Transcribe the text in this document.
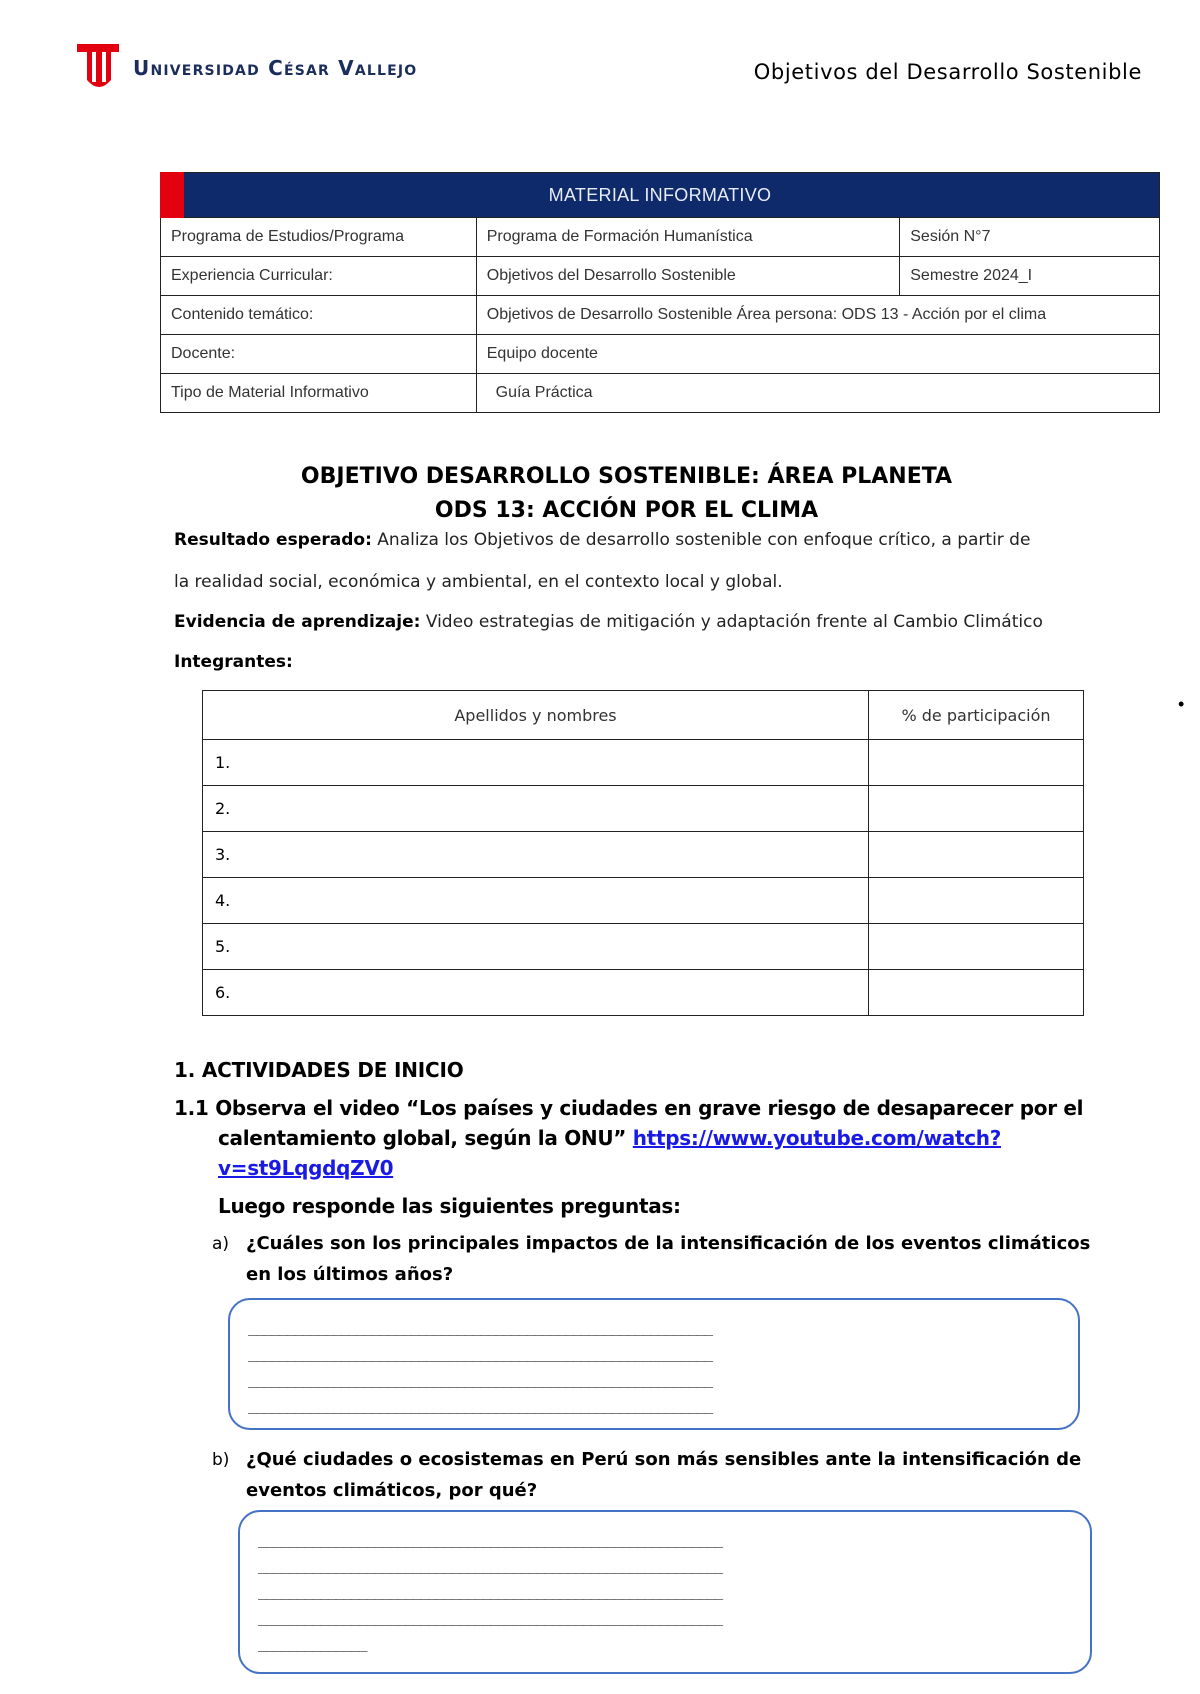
Universidad César Vallejo	Objetivos del Desarrollo Sostenible
MATERIAL INFORMATIVO		
Programa de Estudios/Programa	Programa de Formación Humanística	Sesión N°7
Experiencia Curricular:	Objetivos del Desarrollo Sostenible	Semestre 2024_I
Contenido temático:	Objetivos de Desarrollo Sostenible Área persona: ODS 13 - Acción por el clima	
Docente:	Equipo docente	
Tipo de Material Informativo	Guía Práctica	
OBJETIVO DESARROLLO SOSTENIBLE: ÁREA PLANETA
ODS 13: ACCIÓN POR EL CLIMA
Resultado esperado: Analiza los Objetivos de desarrollo sostenible con enfoque crítico, a partir de
la realidad social, económica y ambiental, en el contexto local y global.
Evidencia de aprendizaje: Video estrategias de mitigación y adaptación frente al Cambio Climático
Integrantes:
Apellidos y nombres	% de participación
1.	
2.	
3.	
4.	
5.	
6.	
•
1. ACTIVIDADES DE INICIO
1.1 Observa el video “Los países y ciudades en grave riesgo de desaparecer por el
calentamiento global, según la ONU” https://www.youtube.com/watch?
v=st9LqgdqZV0
Luego responde las siguientes preguntas:
a) ¿Cuáles son los principales impactos de la intensificación de los eventos climáticos en los últimos años?
____________________________________________________________
____________________________________________________________
____________________________________________________________
____________________________________________________________
b) ¿Qué ciudades o ecosistemas en Perú son más sensibles ante la intensificación de eventos climáticos, por qué?
____________________________________________________________
____________________________________________________________
____________________________________________________________
____________________________________________________________
______________
